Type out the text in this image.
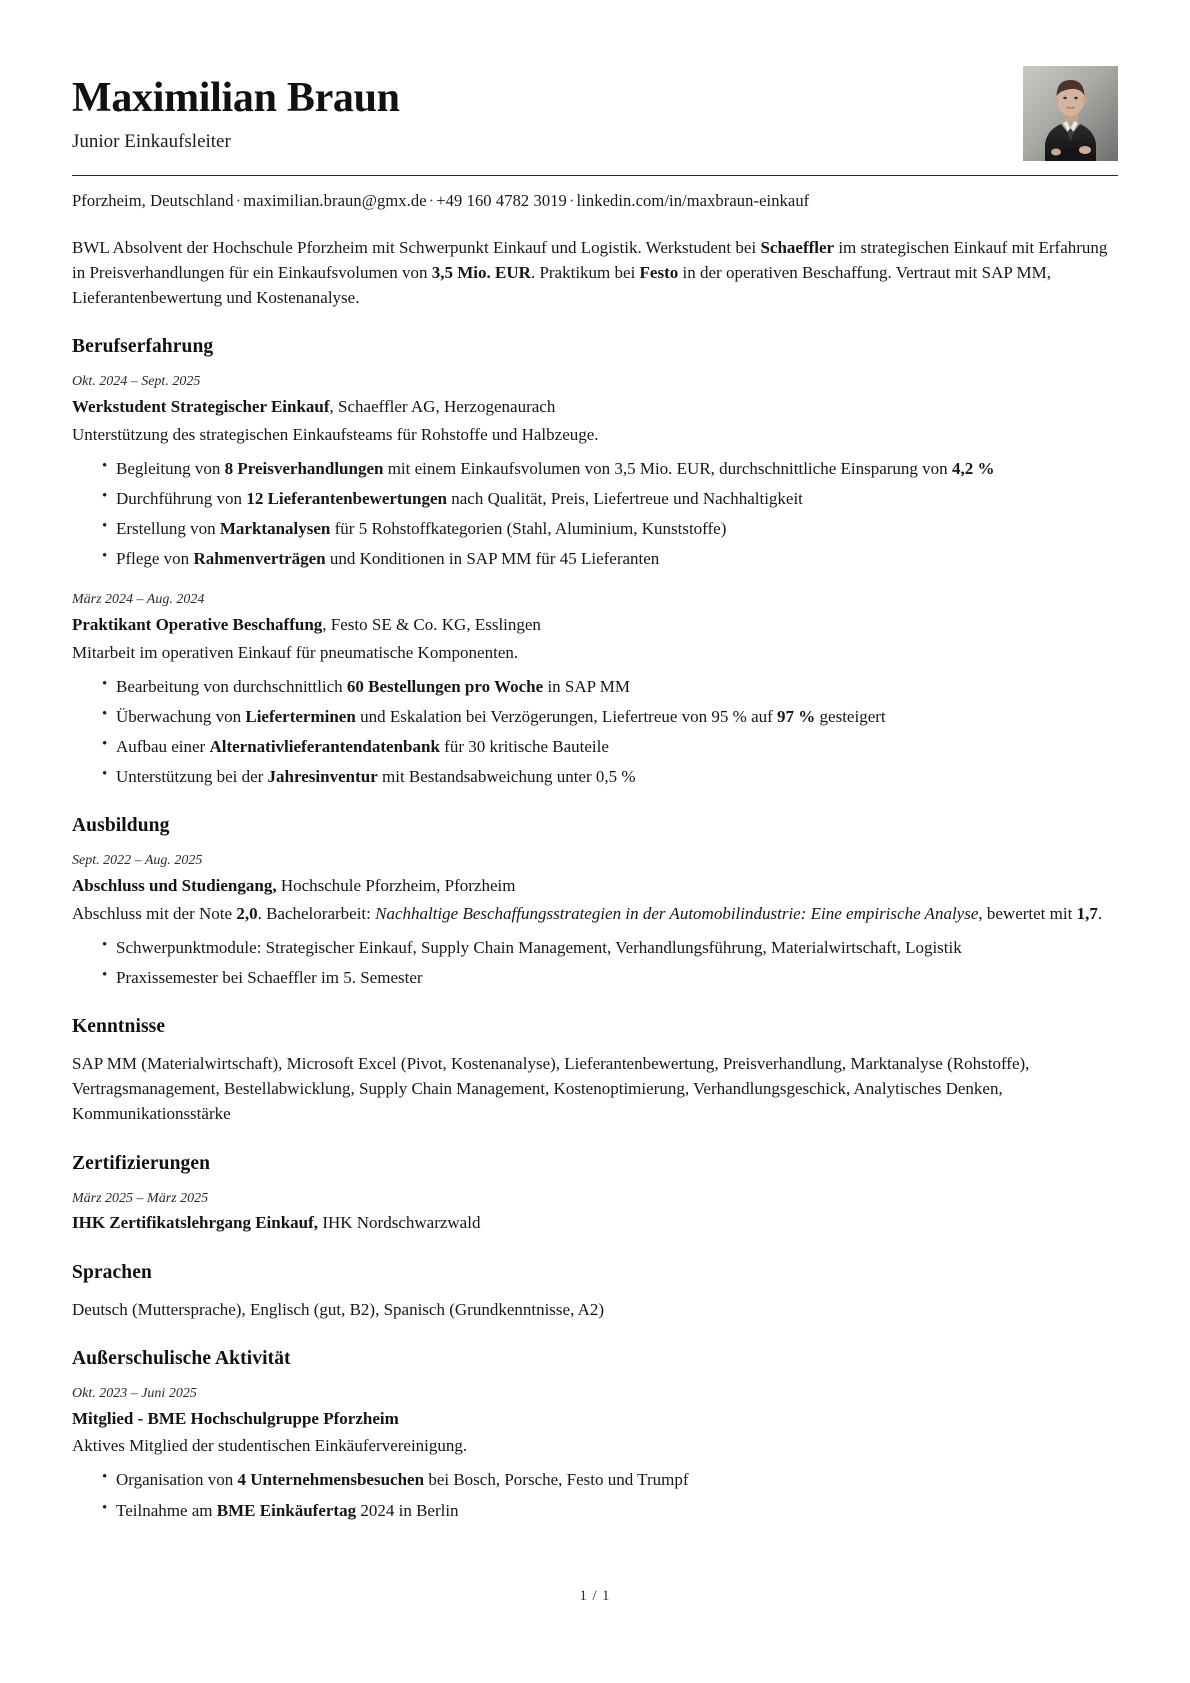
Maximilian Braun
Junior Einkaufsleiter
Pforzheim, Deutschland · maximilian.braun@gmx.de · +49 160 4782 3019 · linkedin.com/in/maxbraun-einkauf

BWL Absolvent der Hochschule Pforzheim mit Schwerpunkt Einkauf und Logistik. Werkstudent bei Schaeffler im strategischen Einkauf mit Erfahrung in Preisverhandlungen für ein Einkaufsvolumen von 3,5 Mio. EUR. Praktikum bei Festo in der operativen Beschaffung. Vertraut mit SAP MM, Lieferantenbewertung und Kostenanalyse.

Berufserfahrung
Okt. 2024 – Sept. 2025
Werkstudent Strategischer Einkauf, Schaeffler AG, Herzogenaurach
Unterstützung des strategischen Einkaufsteams für Rohstoffe und Halbzeuge.
• Begleitung von 8 Preisverhandlungen mit einem Einkaufsvolumen von 3,5 Mio. EUR, durchschnittliche Einsparung von 4,2 %
• Durchführung von 12 Lieferantenbewertungen nach Qualität, Preis, Liefertreue und Nachhaltigkeit
• Erstellung von Marktanalysen für 5 Rohstoffkategorien (Stahl, Aluminium, Kunststoffe)
• Pflege von Rahmenverträgen und Konditionen in SAP MM für 45 Lieferanten
März 2024 – Aug. 2024
Praktikant Operative Beschaffung, Festo SE & Co. KG, Esslingen
Mitarbeit im operativen Einkauf für pneumatische Komponenten.
• Bearbeitung von durchschnittlich 60 Bestellungen pro Woche in SAP MM
• Überwachung von Lieferterminen und Eskalation bei Verzögerungen, Liefertreue von 95 % auf 97 % gesteigert
• Aufbau einer Alternativlieferantendatenbank für 30 kritische Bauteile
• Unterstützung bei der Jahresinventur mit Bestandsabweichung unter 0,5 %
Ausbildung
Sept. 2022 – Aug. 2025
Abschluss und Studiengang, Hochschule Pforzheim, Pforzheim
Abschluss mit der Note 2,0. Bachelorarbeit: Nachhaltige Beschaffungsstrategien in der Automobilindustrie: Eine empirische Analyse, bewertet mit 1,7.
• Schwerpunktmodule: Strategischer Einkauf, Supply Chain Management, Verhandlungsführung, Materialwirtschaft, Logistik
• Praxissemester bei Schaeffler im 5. Semester
Kenntnisse

SAP MM (Materialwirtschaft), Microsoft Excel (Pivot, Kostenanalyse), Lieferantenbewertung, Preisverhandlung, Marktanalyse (Rohstoffe), Vertragsmanagement, Bestellabwicklung, Supply Chain Management, Kostenoptimierung, Verhandlungsgeschick, Analytisches Denken, Kommunikationsstärke

Zertifizierungen
März 2025 – März 2025
IHK Zertifikatslehrgang Einkauf, IHK Nordschwarzwald
Sprachen

Deutsch (Muttersprache), Englisch (gut, B2), Spanisch (Grundkenntnisse, A2)

Außerschulische Aktivität
Okt. 2023 – Juni 2025
Mitglied - BME Hochschulgruppe Pforzheim
Aktives Mitglied der studentischen Einkäufervereinigung.
• Organisation von 4 Unternehmensbesuchen bei Bosch, Porsche, Festo und Trumpf
• Teilnahme am BME Einkäufertag 2024 in Berlin
1 / 1
